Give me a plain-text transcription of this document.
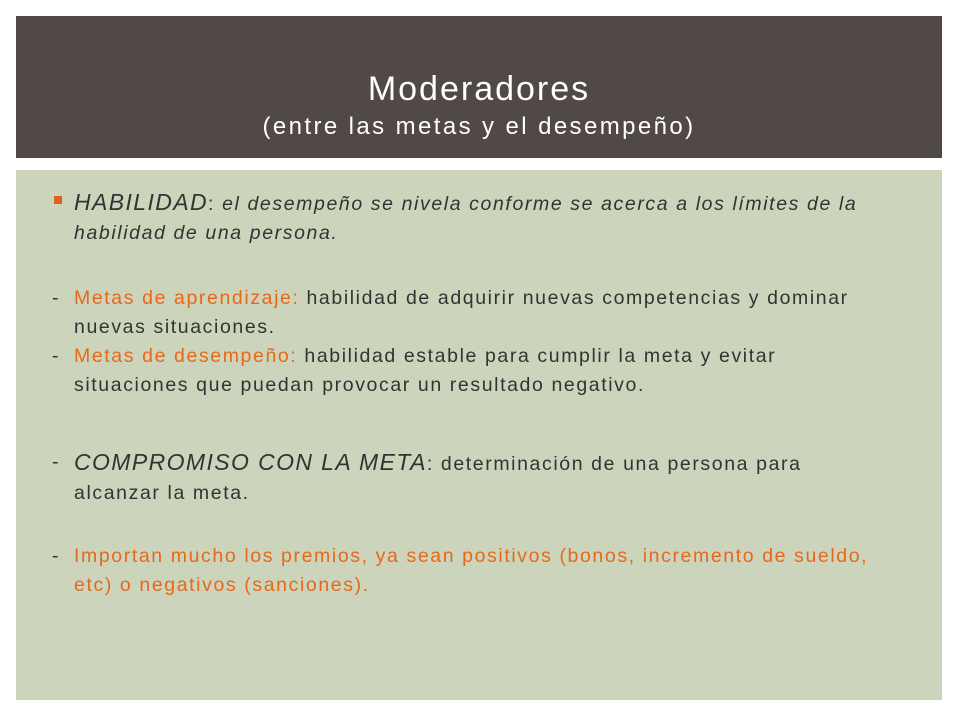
Moderadores
(entre las metas y el desempeño)
HABILIDAD: el desempeño se nivela conforme se acerca a los límites de la habilidad de una persona.
- Metas de aprendizaje: habilidad de adquirir nuevas competencias y dominar nuevas situaciones.
- Metas de desempeño: habilidad estable para cumplir la meta y evitar situaciones que puedan provocar un resultado negativo.
- COMPROMISO CON LA META: determinación de una persona para alcanzar la meta.
- Importan mucho los premios, ya sean positivos (bonos, incremento de sueldo, etc) o negativos (sanciones).
